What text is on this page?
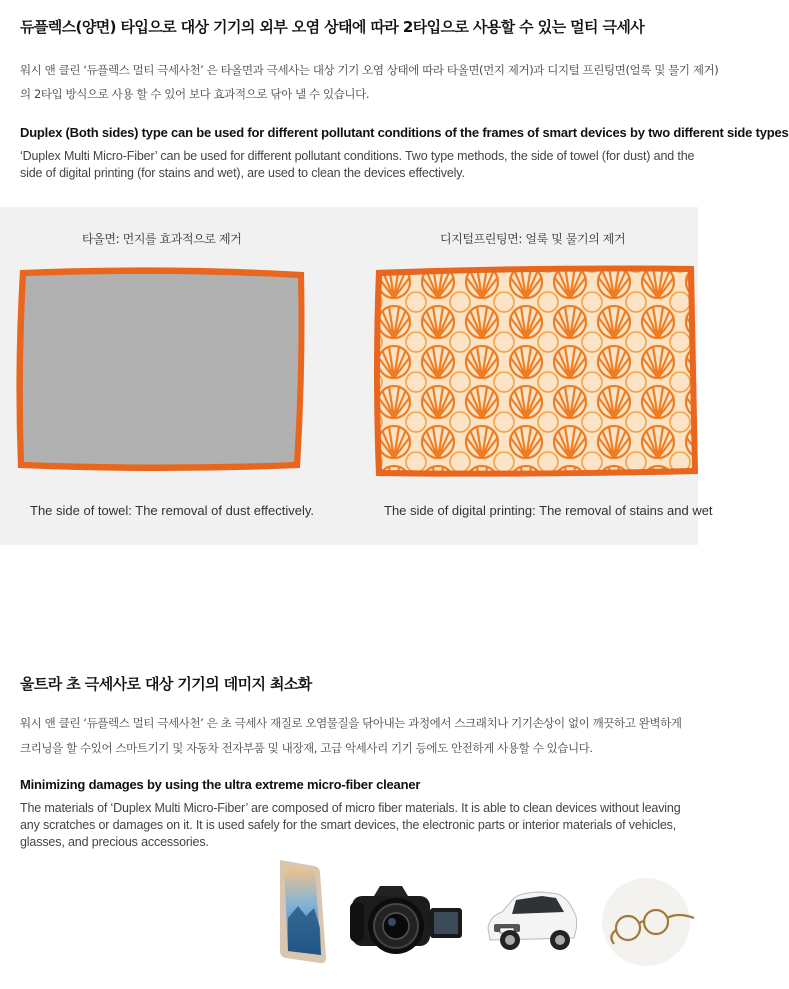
듀플렉스(양면) 타입으로 대상 기기의 외부 오염 상태에 따라 2타입으로 사용할 수 있는 멀티 극세사
워시 앤 클린 ‘듀플렉스 멀티 극세사천’ 은 타올면과 극세사는 대상 기기 오염 상태에 따라 타올면(먼지 제거)과 디지털 프린팅면(얼룩 및 물기 제거)
의 2타입 방식으로 사용 할 수 있어 보다 효과적으로 닦아 낼 수 있습니다.
Duplex (Both sides) type can be used for different pollutant conditions of the frames of smart devices by two different side types
‘Duplex Multi Micro-Fiber’ can be used for different pollutant conditions. Two type methods, the side of towel (for dust) and the side of digital printing (for stains and wet), are used to clean the devices effectively.
타올면: 먼지를 효과적으로 제거	디지털프린팅면: 얼룩 및 물기의 제거
The side of towel: The removal of dust effectively.	The side of digital printing: The removal of stains and wet
울트라 초 극세사로 대상 기기의 데미지 최소화
워시 앤 클린 ‘듀플렉스 멀티 극세사천’ 은 초 극세사 재질로 오염물질을 닦아내는 과정에서 스크래치나 기기손상이 없이 깨끗하고 완벽하게
크리닝을 할 수있어 스마트기기 및 자동차 전자부품 및 내장재, 고급 악세사리 기기 등에도 안전하게 사용할 수 있습니다.
Minimizing damages by using the ultra extreme micro-fiber cleaner
The materials of ‘Duplex Multi Micro-Fiber’ are composed of micro fiber materials. It is able to clean devices without leaving any scratches or damages on it. It is used safely for the smart devices, the electronic parts or interior materials of vehicles, glasses, and precious accessories.
